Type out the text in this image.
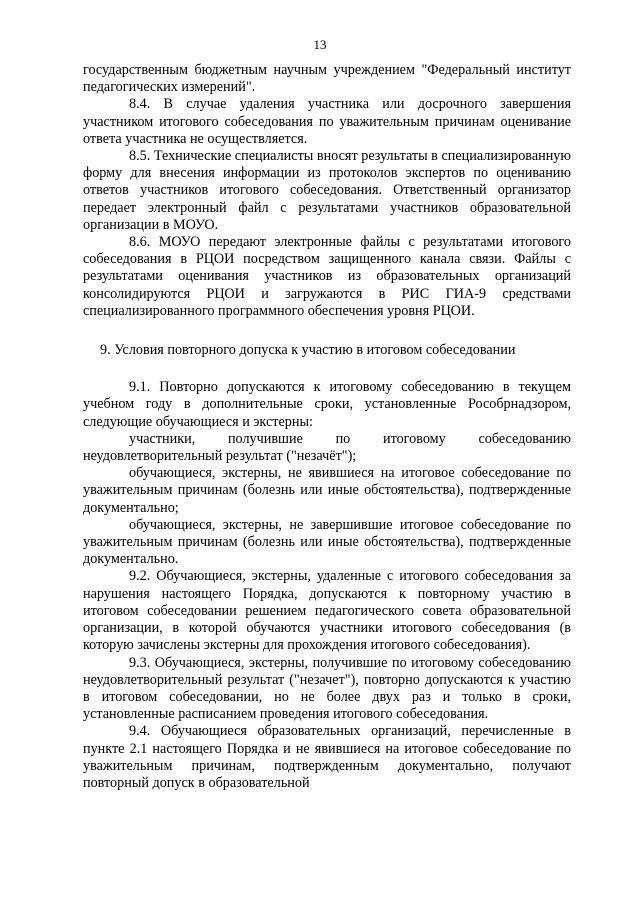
13

государственным бюджетным научным учреждением "Федеральный институт педагогических измерений".

8.4. В случае удаления участника или досрочного завершения участником итогового собеседования по уважительным причинам оценивание ответа участника не осуществляется.

8.5. Технические специалисты вносят результаты в специализированную форму для внесения информации из протоколов экспертов по оцениванию ответов участников итогового собеседования. Ответственный организатор передает электронный файл с результатами участников образовательной организации в МОУО.

8.6. МОУО передают электронные файлы с результатами итогового собеседования в РЦОИ посредством защищенного канала связи. Файлы с результатами оценивания участников из образовательных организаций консолидируются РЦОИ и загружаются в РИС ГИА-9 средствами специализированного программного обеспечения уровня РЦОИ.

9. Условия повторного допуска к участию в итоговом собеседовании

9.1. Повторно допускаются к итоговому собеседованию в текущем учебном году в дополнительные сроки, установленные Рособрнадзором, следующие обучающиеся и экстерны:

участники, получившие по итоговому собеседованию неудовлетворительный результат ("незачёт");

обучающиеся, экстерны, не явившиеся на итоговое собеседование по уважительным причинам (болезнь или иные обстоятельства), подтвержденные документально;

обучающиеся, экстерны, не завершившие итоговое собеседование по уважительным причинам (болезнь или иные обстоятельства), подтвержденные документально.

9.2. Обучающиеся, экстерны, удаленные с итогового собеседования за нарушения настоящего Порядка, допускаются к повторному участию в итоговом собеседовании решением педагогического совета образовательной организации, в которой обучаются участники итогового собеседования (в которую зачислены экстерны для прохождения итогового собеседования).

9.3. Обучающиеся, экстерны, получившие по итоговому собеседованию неудовлетворительный результат ("незачет"), повторно допускаются к участию в итоговом собеседовании, но не более двух раз и только в сроки, установленные расписанием проведения итогового собеседования.

9.4. Обучающиеся образовательных организаций, перечисленные в пункте 2.1 настоящего Порядка и не явившиеся на итоговое собеседование по уважительным причинам, подтвержденным документально, получают повторный допуск в образовательной
